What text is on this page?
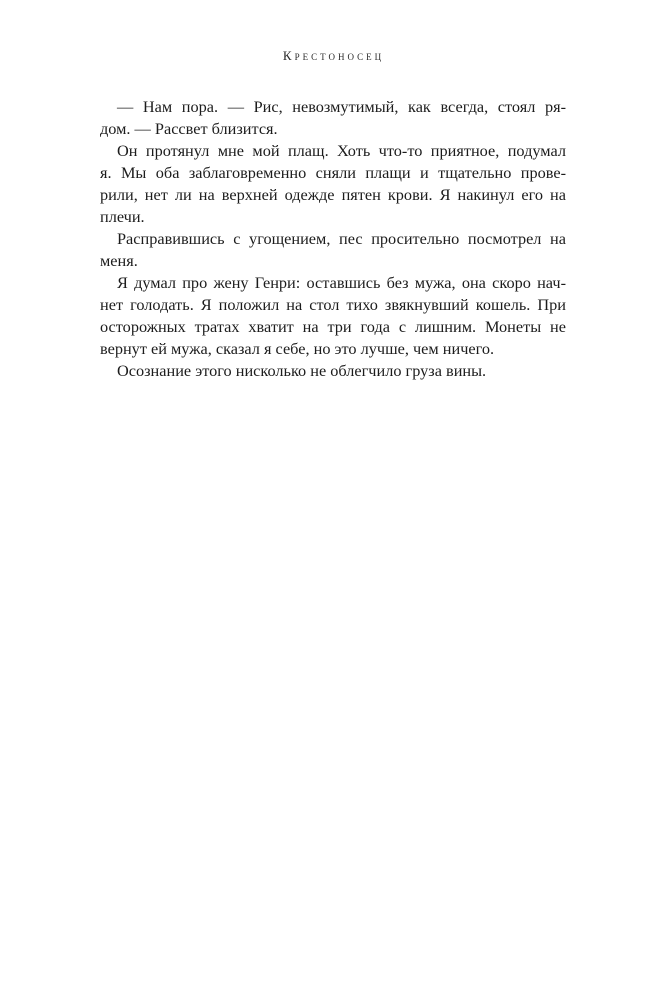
Крестоносец
— Нам пора. — Рис, невозмутимый, как всегда, стоял ря-
дом. — Рассвет близится.
Он протянул мне мой плащ. Хоть что-то приятное, подумал
я. Мы оба заблаговременно сняли плащи и тщательно прове-
рили, нет ли на верхней одежде пятен крови. Я накинул его на
плечи.
Расправившись с угощением, пес просительно посмотрел на
меня.
Я думал про жену Генри: оставшись без мужа, она скоро нач-
нет голодать. Я положил на стол тихо звякнувший кошель. При
осторожных тратах хватит на три года с лишним. Монеты не
вернут ей мужа, сказал я себе, но это лучше, чем ничего.
Осознание этого нисколько не облегчило груза вины.
